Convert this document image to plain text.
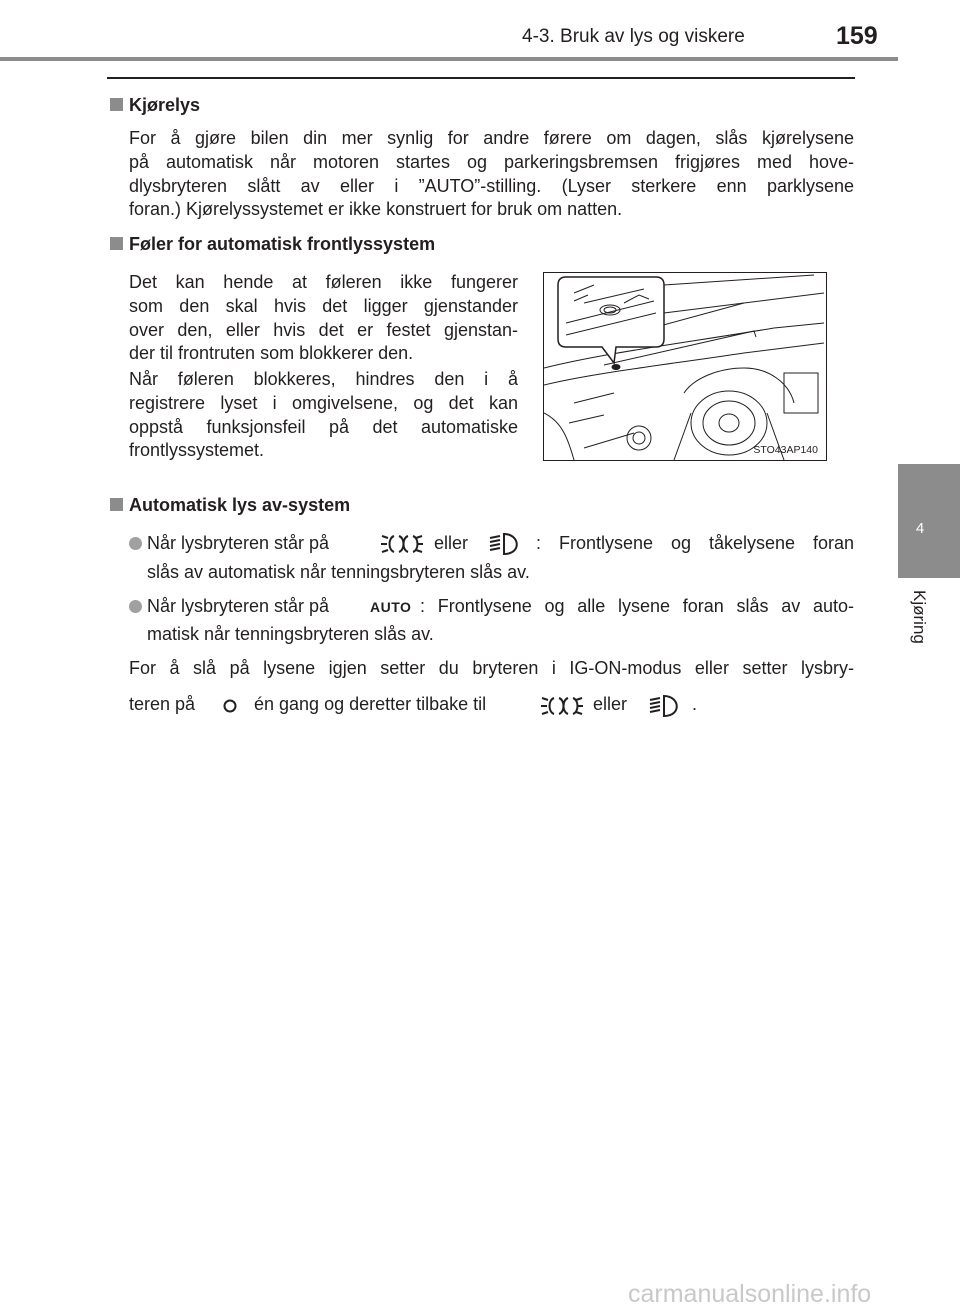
4-3. Bruk av lys og viskere	159
4
Kjøring
Kjørelys
For å gjøre bilen din mer synlig for andre førere om dagen, slås kjørelysene
på automatisk når motoren startes og parkeringsbremsen frigjøres med hove-
dlysbryteren slått av eller i ”AUTO”-stilling. (Lyser sterkere enn parklysene
foran.) Kjørelyssystemet er ikke konstruert for bruk om natten.
Føler for automatisk frontlyssystem
Det kan hende at føleren ikke fungerer
som den skal hvis det ligger gjenstander
over den, eller hvis det er festet gjenstan-
der til frontruten som blokkerer den.
Når føleren blokkeres, hindres den i å
registrere lyset i omgivelsene, og det kan
oppstå funksjonsfeil på det automatiske
frontlyssystemet.	STO43AP140
Automatisk lys av-system
Når lysbryteren står på	eller	: Frontlysene og tåkelysene foran
slås av automatisk når tenningsbryteren slås av.
Når lysbryteren står på	AUTO : Frontlysene og alle lysene foran slås av auto-
matisk når tenningsbryteren slås av.
For å slå på lysene igjen setter du bryteren i IG-ON-modus eller setter lysbry-
teren på	én gang og deretter tilbake til	eller	.
carmanualsonline.info
